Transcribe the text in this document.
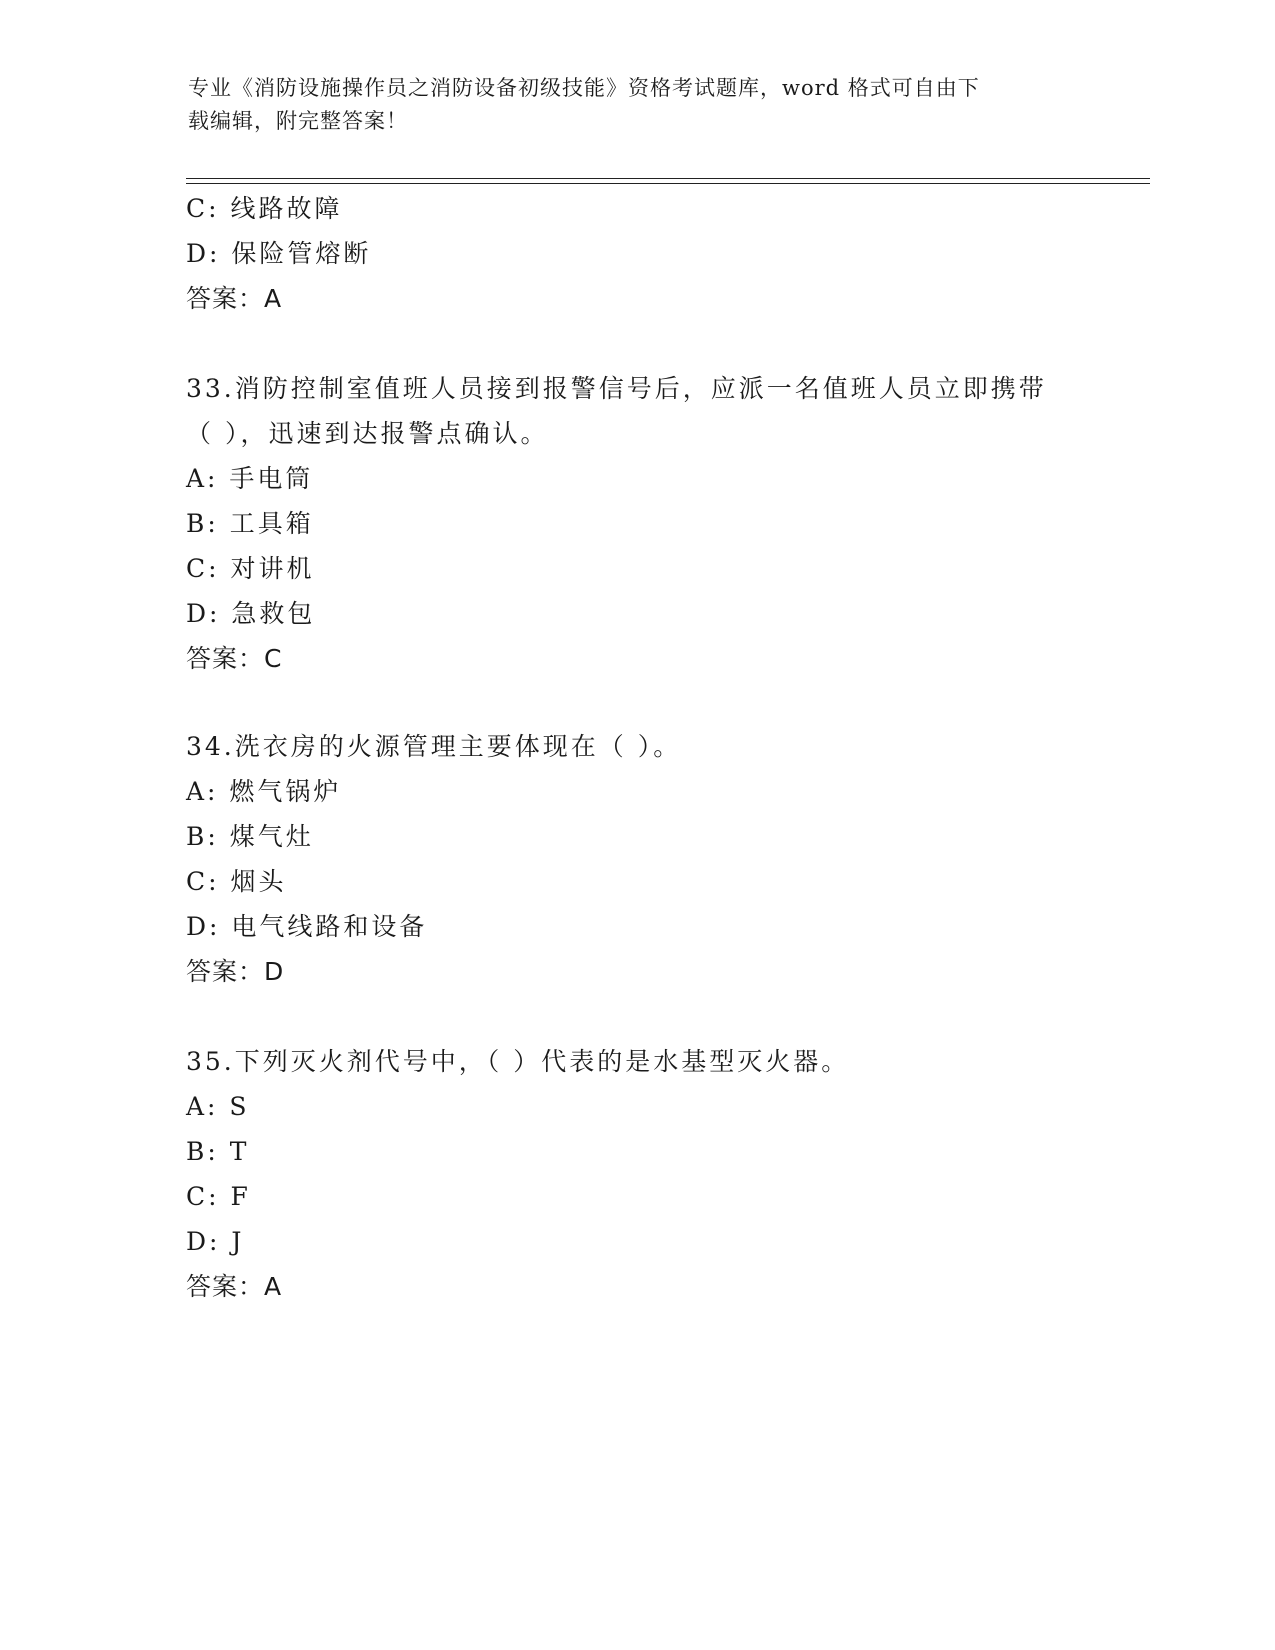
专业《消防设施操作员之消防设备初级技能》资格考试题库，word 格式可自由下
载编辑，附完整答案！
C: 线路故障
D: 保险管熔断
答案：A
33.消防控制室值班人员接到报警信号后，应派一名值班人员立即携带
（ ），迅速到达报警点确认。
A: 手电筒
B: 工具箱
C: 对讲机
D: 急救包
答案：C
34.洗衣房的火源管理主要体现在（ ）。
A: 燃气锅炉
B: 煤气灶
C: 烟头
D: 电气线路和设备
答案：D
35.下列灭火剂代号中，（ ）代表的是水基型灭火器。
A: S
B: T
C: F
D: J
答案：A
